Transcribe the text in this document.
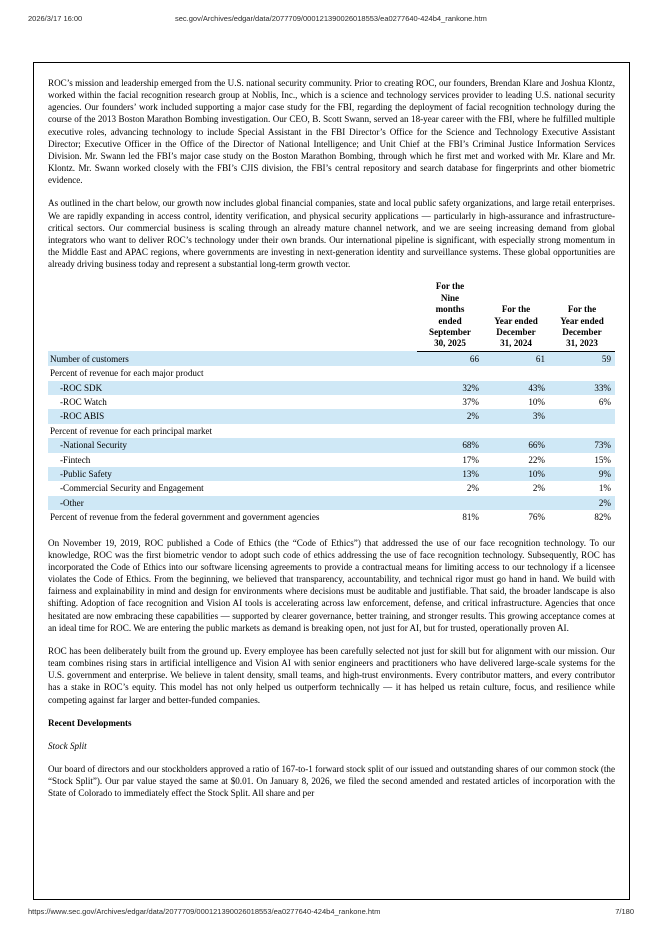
2026/3/17 16:00	sec.gov/Archives/edgar/data/2077709/000121390026018553/ea0277640-424b4_rankone.htm

ROC’s mission and leadership emerged from the U.S. national security community. Prior to creating ROC, our founders, Brendan Klare and Joshua Klontz, worked within the facial recognition research group at Noblis, Inc., which is a science and technology services provider to leading U.S. national security agencies. Our founders’ work included supporting a major case study for the FBI, regarding the deployment of facial recognition technology during the course of the 2013 Boston Marathon Bombing investigation. Our CEO, B. Scott Swann, served an 18-year career with the FBI, where he fulfilled multiple executive roles, advancing technology to include Special Assistant in the FBI Director’s Office for the Science and Technology Executive Assistant Director; Executive Officer in the Office of the Director of National Intelligence; and Unit Chief at the FBI’s Criminal Justice Information Services Division. Mr. Swann led the FBI’s major case study on the Boston Marathon Bombing, through which he first met and worked with Mr. Klare and Mr. Klontz. Mr. Swann worked closely with the FBI’s CJIS division, the FBI’s central repository and search database for fingerprints and other biometric evidence.

As outlined in the chart below, our growth now includes global financial companies, state and local public safety organizations, and large retail enterprises. We are rapidly expanding in access control, identity verification, and physical security applications — particularly in high-assurance and infrastructure-critical sectors. Our commercial business is scaling through an already mature channel network, and we are seeing increasing demand from global integrators who want to deliver ROC’s technology under their own brands. Our international pipeline is significant, with especially strong momentum in the Middle East and APAC regions, where governments are investing in next-generation identity and surveillance systems. These global opportunities are already driving business today and represent a substantial long-term growth vector.

	For the
Nine
months
ended
September
30, 2025	For the
Year ended
December
31, 2024	For the
Year ended
December
31, 2023
Number of customers	66	61	59
Percent of revenue for each major product			
-ROC SDK	32%	43%	33%
-ROC Watch	37%	10%	6%
-ROC ABIS	2%	3%	
Percent of revenue for each principal market			
-National Security	68%	66%	73%
-Fintech	17%	22%	15%
-Public Safety	13%	10%	9%
-Commercial Security and Engagement	2%	2%	1%
-Other			2%
Percent of revenue from the federal government and government agencies	81%	76%	82%

On November 19, 2019, ROC published a Code of Ethics (the “Code of Ethics”) that addressed the use of our face recognition technology. To our knowledge, ROC was the first biometric vendor to adopt such code of ethics addressing the use of face recognition technology. Subsequently, ROC has incorporated the Code of Ethics into our software licensing agreements to provide a contractual means for limiting access to our technology if a licensee violates the Code of Ethics. From the beginning, we believed that transparency, accountability, and technical rigor must go hand in hand. We build with fairness and explainability in mind and design for environments where decisions must be auditable and justifiable. That said, the broader landscape is also shifting. Adoption of face recognition and Vision AI tools is accelerating across law enforcement, defense, and critical infrastructure. Agencies that once hesitated are now embracing these capabilities — supported by clearer governance, better training, and stronger results. This growing acceptance comes at an ideal time for ROC. We are entering the public markets as demand is breaking open, not just for AI, but for trusted, operationally proven AI.

ROC has been deliberately built from the ground up. Every employee has been carefully selected not just for skill but for alignment with our mission. Our team combines rising stars in artificial intelligence and Vision AI with senior engineers and practitioners who have delivered large-scale systems for the U.S. government and enterprise. We believe in talent density, small teams, and high-trust environments. Every contributor matters, and every contributor has a stake in ROC’s equity. This model has not only helped us outperform technically — it has helped us retain culture, focus, and resilience while competing against far larger and better-funded companies.

Recent Developments
Stock Split

Our board of directors and our stockholders approved a ratio of 167-to-1 forward stock split of our issued and outstanding shares of our common stock (the “Stock Split”). Our par value stayed the same at $0.01. On January 8, 2026, we filed the second amended and restated articles of incorporation with the State of Colorado to immediately effect the Stock Split. All share and per

https://www.sec.gov/Archives/edgar/data/2077709/000121390026018553/ea0277640-424b4_rankone.htm	7/180
